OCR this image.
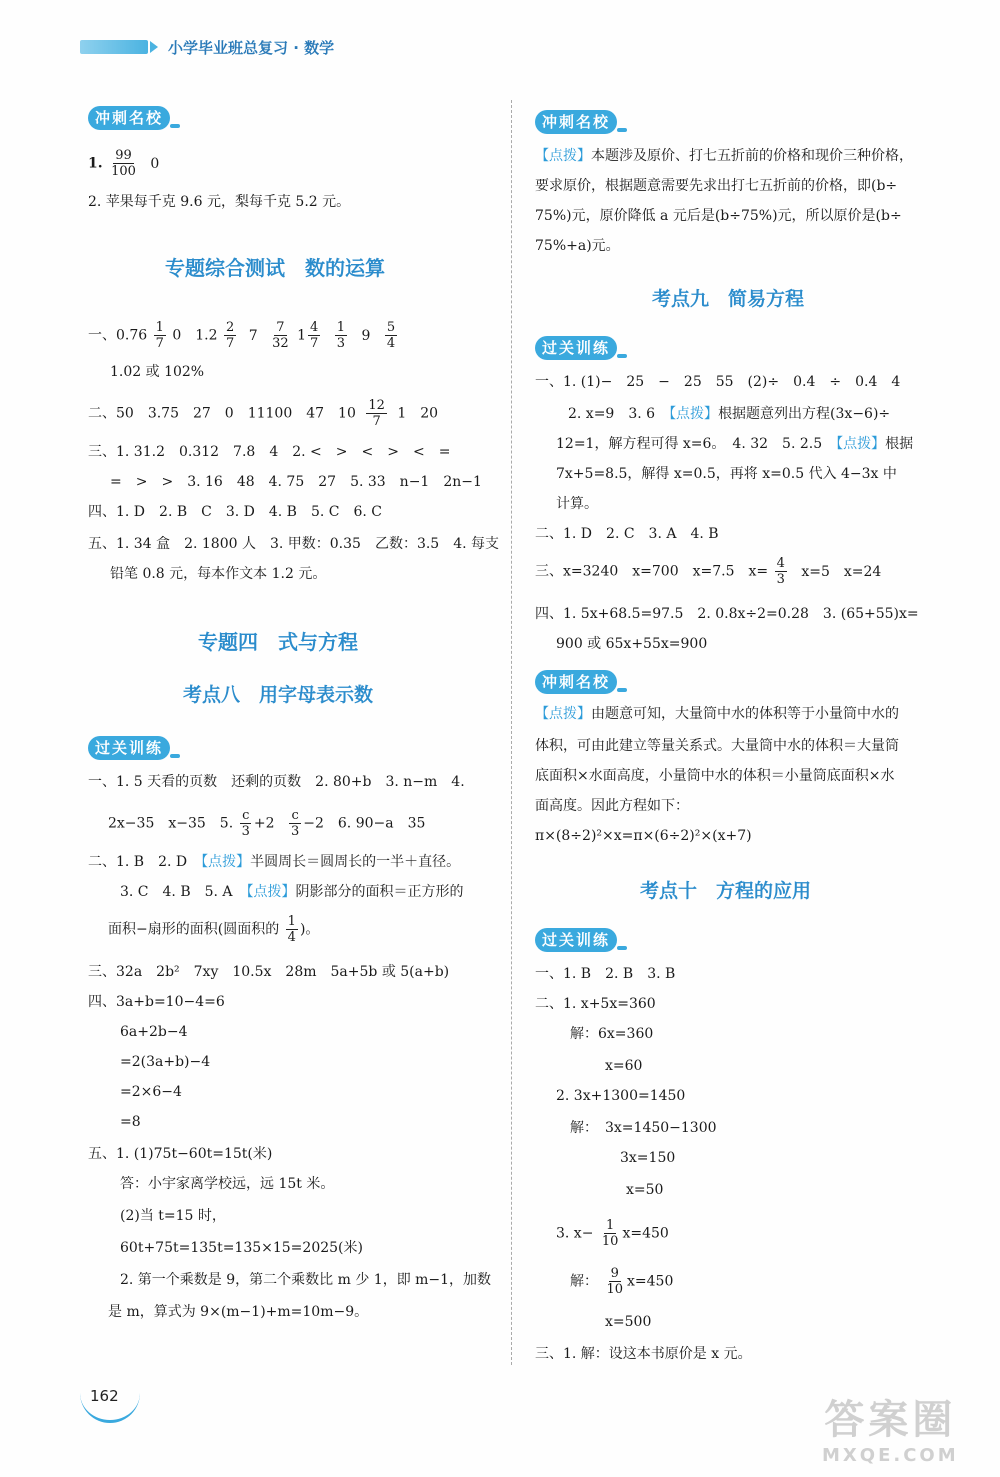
小学毕业班总复习 · 数学
冲刺名校
1. $\frac{99}{100} 0$
2. 苹果每千克 9.6 元，梨每千克 5.2 元。
专题综合测试　数的运算
一、$0.76 \frac{1}{7} 0$　$1.2 \frac{2}{7} 7 \frac{7}{32} 1 \frac{4}{7}$
$\frac{1}{3} 9 \frac{5}{4}$
1.02 或 102%
二、50　3.75　27　0　11100　47　$10 \frac{12}{7} 1$　20
三、1. 31.2　0.312　7.8　4　2. <　>　<　>　<　=
=　>　>　3. 16　48　4. 75　27　5. 33　n−1　2n−1
四、1. D　2. B　C　3. D　4. B　5. C　6. C
五、1. 34 盒　2. 1800 人　3. 甲数：0.35　乙数：3.5　4. 每支
铅笔 0.8 元，每本作文本 1.2 元。
专题四　式与方程
考点八　用字母表示数
过关训练
一、1. 5 天看的页数　还剩的页数　2. 80+b　3. n−m　4.
2x−35　x−35　5. $\frac{c}{3} +2 \frac{c}{3} -2$　6. 90−a　35
二、1. B　2. D　【点拨】半圆周长＝圆周长的一半＋直径。
3. C　4. B　5. A　【点拨】阴影部分的面积＝正方形的
面积−扇形的面积(圆面积的 $\frac{1}{4}$ )。
三、32a　2b²　7xy　10.5x　28m　5a+5b 或 5(a+b)
四、3a+b=10−4=6
6a+2b−4
=2(3a+b)−4
=2×6−4
=8
五、1. (1)75t−60t=15t(米)
答：小宇家离学校远，远 15t 米。
(2)当 t=15 时，
60t+75t=135t=135×15=2025(米)
2. 第一个乘数是 9，第二个乘数比 m 少 1，即 m−1，加数
是 m，算式为 9×(m−1)+m=10m−9。
冲刺名校
【点拨】本题涉及原价、打七五折前的价格和现价三种价格，
要求原价，根据题意需要先求出打七五折前的价格，即(b÷
75%)元，原价降低 a 元后是(b÷75%)元，所以原价是(b÷
75%+a)元。
考点九　简易方程
过关训练
一、1. (1)−　25　−　25　55　(2)÷　0.4　÷　0.4　4
2. x=9　3. 6　【点拨】根据题意列出方程(3x−6)÷
12=1，解方程可得 x=6。　4. 32　5. 2.5　【点拨】根据
7x+5=8.5，解得 x=0.5，再将 x=0.5 代入 4−3x 中
计算。
二、1. D　2. C　3. A　4. B
三、x=3240　x=700　x=7.5　$x= \frac{4}{3} x=5$　x=24
四、1. 5x+68.5=97.5　2. 0.8x÷2=0.28　3. (65+55)x=
900 或 65x+55x=900
冲刺名校
【点拨】由题意可知，大量筒中水的体积等于小量筒中水的
体积，可由此建立等量关系式。大量筒中水的体积＝大量筒
底面积×水面高度，小量筒中水的体积＝小量筒底面积×水
面高度。因此方程如下：
π×(8÷2)²×x=π×(6÷2)²×(x+7)
考点十　方程的应用
过关训练
一、1. B　2. B　3. B
二、1. x+5x=360
解：6x=360
x=60
2. 3x+1300=1450
解：　3x=1450−1300
3x=150
x=50
3. $x- \frac{1}{10} x=450$
解： $\frac{9}{10} x=450$
x=500
三、1. 解：设这本书原价是 x 元。
162
答案圈
MXQE.COM
